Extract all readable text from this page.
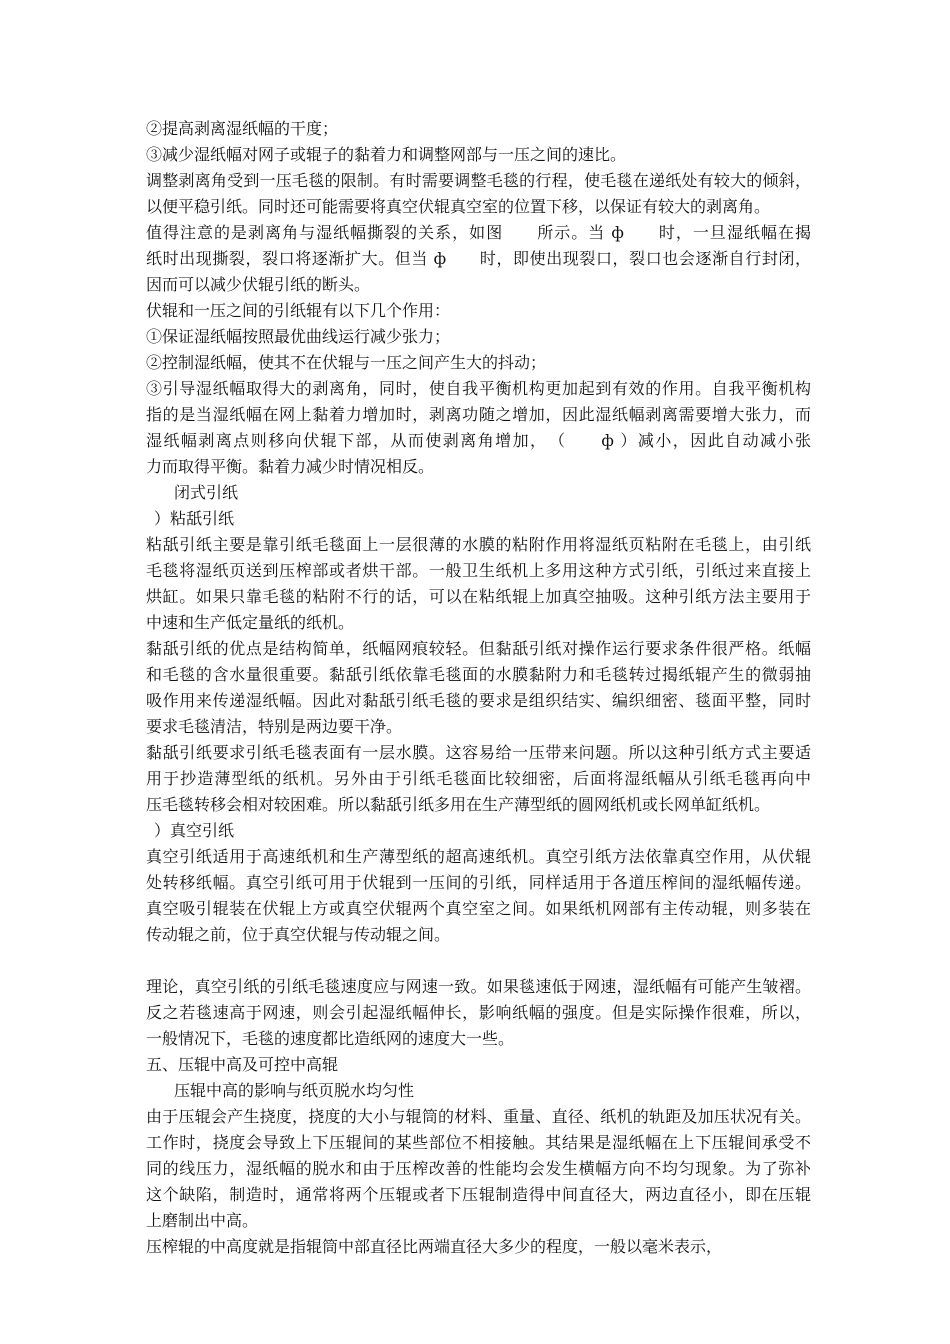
②提高剥离湿纸幅的干度；
③减少湿纸幅对网子或辊子的黏着力和调整网部与一压之间的速比。
调整剥离角受到一压毛毯的限制。有时需要调整毛毯的行程，使毛毯在递纸处有较大的倾斜，
以便平稳引纸。同时还可能需要将真空伏辊真空室的位置下移，以保证有较大的剥离角。
值得注意的是剥离角与湿纸幅撕裂的关系，如图　　所示。当 ф　　时，一旦湿纸幅在揭
纸时出现撕裂，裂口将逐渐扩大。但当 ф　　时，即使出现裂口，裂口也会逐渐自行封闭，
因而可以减少伏辊引纸的断头。
伏辊和一压之间的引纸辊有以下几个作用：
①保证湿纸幅按照最优曲线运行减少张力；
②控制湿纸幅，使其不在伏辊与一压之间产生大的抖动；
③引导湿纸幅取得大的剥离角，同时，使自我平衡机构更加起到有效的作用。自我平衡机构
指的是当湿纸幅在网上黏着力增加时，剥离功随之增加，因此湿纸幅剥离需要增大张力，而
湿纸幅剥离点则移向伏辊下部，从而使剥离角增加，　（　　ф ）减小，因此自动减小张
力而取得平衡。黏着力减少时情况相反。
闭式引纸
）粘舐引纸
粘舐引纸主要是靠引纸毛毯面上一层很薄的水膜的粘附作用将湿纸页粘附在毛毯上，由引纸
毛毯将湿纸页送到压榨部或者烘干部。一般卫生纸机上多用这种方式引纸，引纸过来直接上
烘缸。如果只靠毛毯的粘附不行的话，可以在粘纸辊上加真空抽吸。这种引纸方法主要用于
中速和生产低定量纸的纸机。
黏舐引纸的优点是结构简单，纸幅网痕较轻。但黏舐引纸对操作运行要求条件很严格。纸幅
和毛毯的含水量很重要。黏舐引纸依靠毛毯面的水膜黏附力和毛毯转过揭纸辊产生的微弱抽
吸作用来传递湿纸幅。因此对黏舐引纸毛毯的要求是组织结实、编织细密、毯面平整，同时
要求毛毯清洁，特别是两边要干净。
黏舐引纸要求引纸毛毯表面有一层水膜。这容易给一压带来问题。所以这种引纸方式主要适
用于抄造薄型纸的纸机。另外由于引纸毛毯面比较细密，后面将湿纸幅从引纸毛毯再向中
压毛毯转移会相对较困难。所以黏舐引纸多用在生产薄型纸的圆网纸机或长网单缸纸机。
）真空引纸
真空引纸适用于高速纸机和生产薄型纸的超高速纸机。真空引纸方法依靠真空作用，从伏辊
处转移纸幅。真空引纸可用于伏辊到一压间的引纸，同样适用于各道压榨间的湿纸幅传递。
真空吸引辊装在伏辊上方或真空伏辊两个真空室之间。如果纸机网部有主传动辊，则多装在
传动辊之前，位于真空伏辊与传动辊之间。
理论，真空引纸的引纸毛毯速度应与网速一致。如果毯速低于网速，湿纸幅有可能产生皱褶。
反之若毯速高于网速，则会引起湿纸幅伸长，影响纸幅的强度。但是实际操作很难，所以，
一般情况下，毛毯的速度都比造纸网的速度大一些。
五、压辊中高及可控中高辊
压辊中高的影响与纸页脱水均匀性
由于压辊会产生挠度，挠度的大小与辊筒的材料、重量、直径、纸机的轨距及加压状况有关。
工作时，挠度会导致上下压辊间的某些部位不相接触。其结果是湿纸幅在上下压辊间承受不
同的线压力，湿纸幅的脱水和由于压榨改善的性能均会发生横幅方向不均匀现象。为了弥补
这个缺陷，制造时，通常将两个压辊或者下压辊制造得中间直径大，两边直径小，即在压辊
上磨制出中高。
压榨辊的中高度就是指辊筒中部直径比两端直径大多少的程度，一般以毫米表示，
